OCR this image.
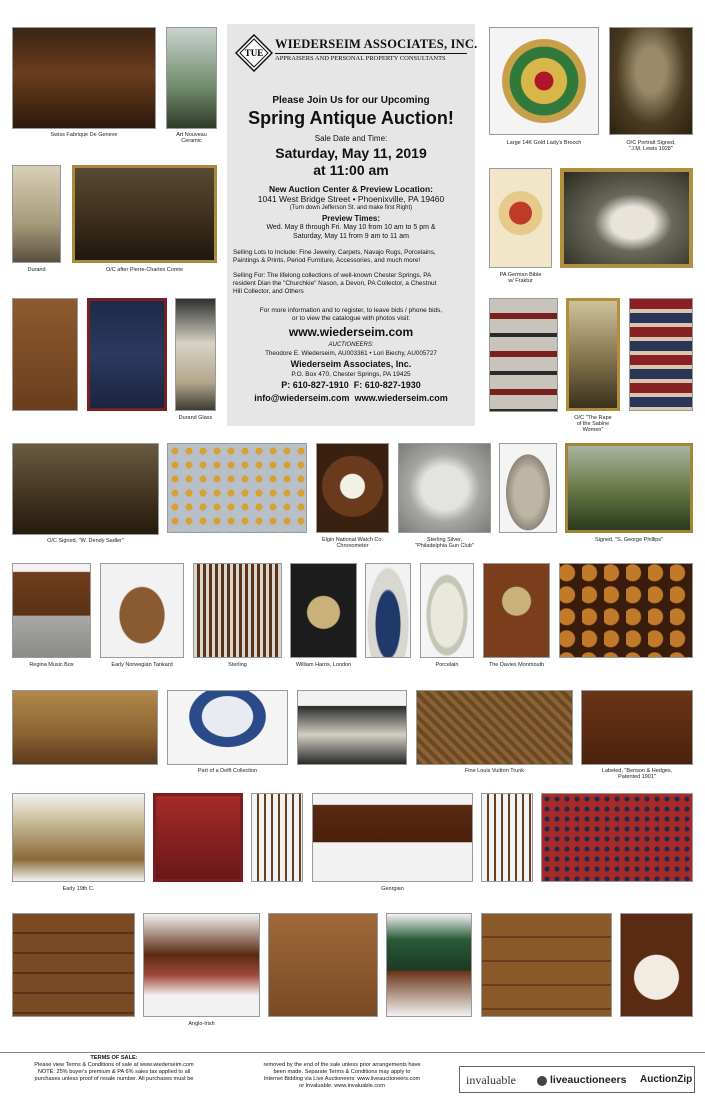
Swiss Fabrique De Geneve	Art Nouveau
Ceramic	Large 14K Gold Lady's Brooch	O/C Portrait Signed,
"J.M. Lewis 1928"
Durand	O/C after Pierre-Charles Comte
PA German Bible
w/ Fraktur
Durand Glass	O/C "The Rape
of the Sabine
Women"
TUE
WIEDERSEIM ASSOCIATES, INC.
APPRAISERS AND PERSONAL PROPERTY CONSULTANTS
Please Join Us for our Upcoming
Spring Antique Auction!
Sale Date and Time:
Saturday, May 11, 2019
at 11:00 am
New Auction Center & Preview Location:
1041 West Bridge Street • Phoenixville, PA 19460
(Turn down Jefferson St. and make first Right)
Preview Times:
Wed. May 8 through Fri. May 10 from 10 am to 5 pm &
Saturday, May 11 from 9 am to 11 am
Selling Lots to Include: Fine Jewelry, Carpets, Navajo Rugs, Porcelains,
Paintings & Prints, Period Furniture, Accessories, and much more!
Selling For: The lifelong collections of well-known Chester Springs, PA
resident Dian the "Churchkie" Nason, a Devon, PA Collector, a Chestnut
Hill Collector, and Others
For more information and to register, to leave bids / phone bids,
or to view the catalogue with photos visit:
www.wiederseim.com
AUCTIONEERS:
Theodore E. Wiederseim, AU003361 • Lori Biechy, AU005727
Wiederseim Associates, Inc.
P.O. Box 470, Chester Springs, PA 19425
P: 610-827-1910 F: 610-827-1930
info@wiederseim.com www.wiederseim.com
O/C Signed, "W. Dendy Sadler"	Elgin National Watch Co.
Chronometer
Sterling Silver,
"Philadelphia Gun Club"
Signed, "S. George Phillips"
Regina Music Box	Early Norwegian Tankard	Sterling	William Harris, London	Porcelain	The Davies Monmouth
Part of a Delft Collection	Fine Louis Vuitton Trunk	Labeled, "Benson & Hedges,
Patented 1901"
Early 19th C.	Georgian
Anglo-Irish
TERMS OF SALE:
Please view Terms & Conditions of sale at www.wiederseim.com
NOTE: 25% buyer's premium & PA 6% sales tax applied to all
purchases unless proof of resale number. All purchases must be
removed by the end of the sale unless prior arrangements have
been made. Separate Terms & Conditions may apply to
Internet Bidding via Live Auctioneers: www.liveauctioneers.com
or Invaluable: www.invaluable.com	invaluable	liveauctioneers AuctionZip
